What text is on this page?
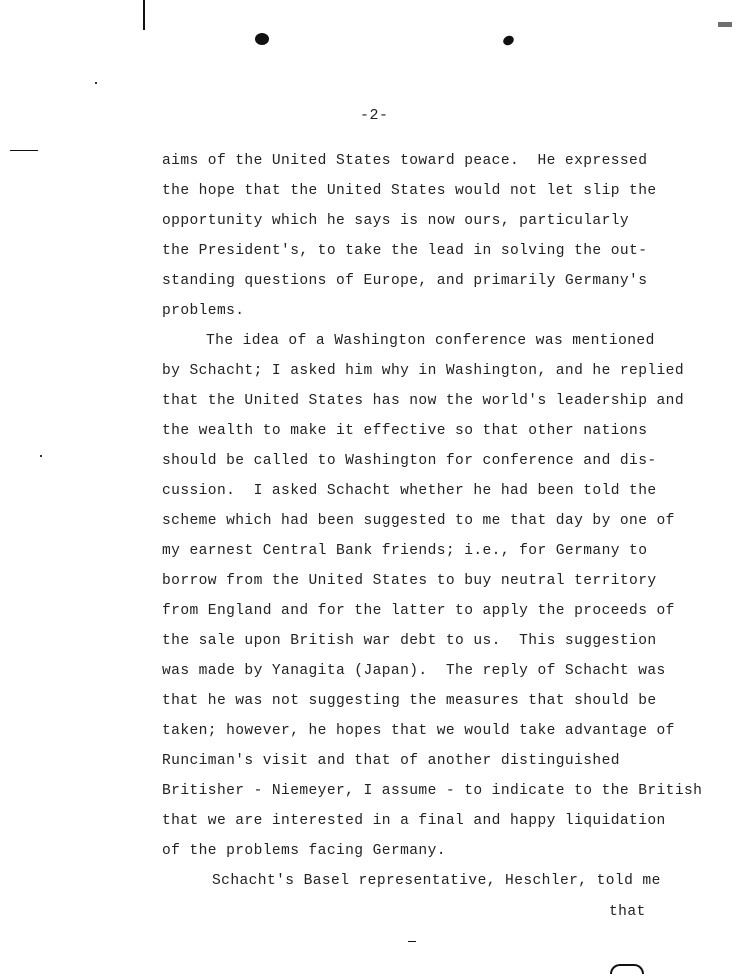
-2-
aims of the United States toward peace.  He expressed
the hope that the United States would not let slip the
opportunity which he says is now ours, particularly
the President's, to take the lead in solving the out-
standing questions of Europe, and primarily Germany's
problems.
The idea of a Washington conference was mentioned
by Schacht; I asked him why in Washington, and he replied
that the United States has now the world's leadership and
the wealth to make it effective so that other nations
should be called to Washington for conference and dis-
cussion.  I asked Schacht whether he had been told the
scheme which had been suggested to me that day by one of
my earnest Central Bank friends; i.e., for Germany to
borrow from the United States to buy neutral territory
from England and for the latter to apply the proceeds of
the sale upon British war debt to us.  This suggestion
was made by Yanagita (Japan).  The reply of Schacht was
that he was not suggesting the measures that should be
taken; however, he hopes that we would take advantage of
Runciman's visit and that of another distinguished
Britisher - Niemeyer, I assume - to indicate to the British
that we are interested in a final and happy liquidation
of the problems facing Germany.
Schacht's Basel representative, Heschler, told me
that
